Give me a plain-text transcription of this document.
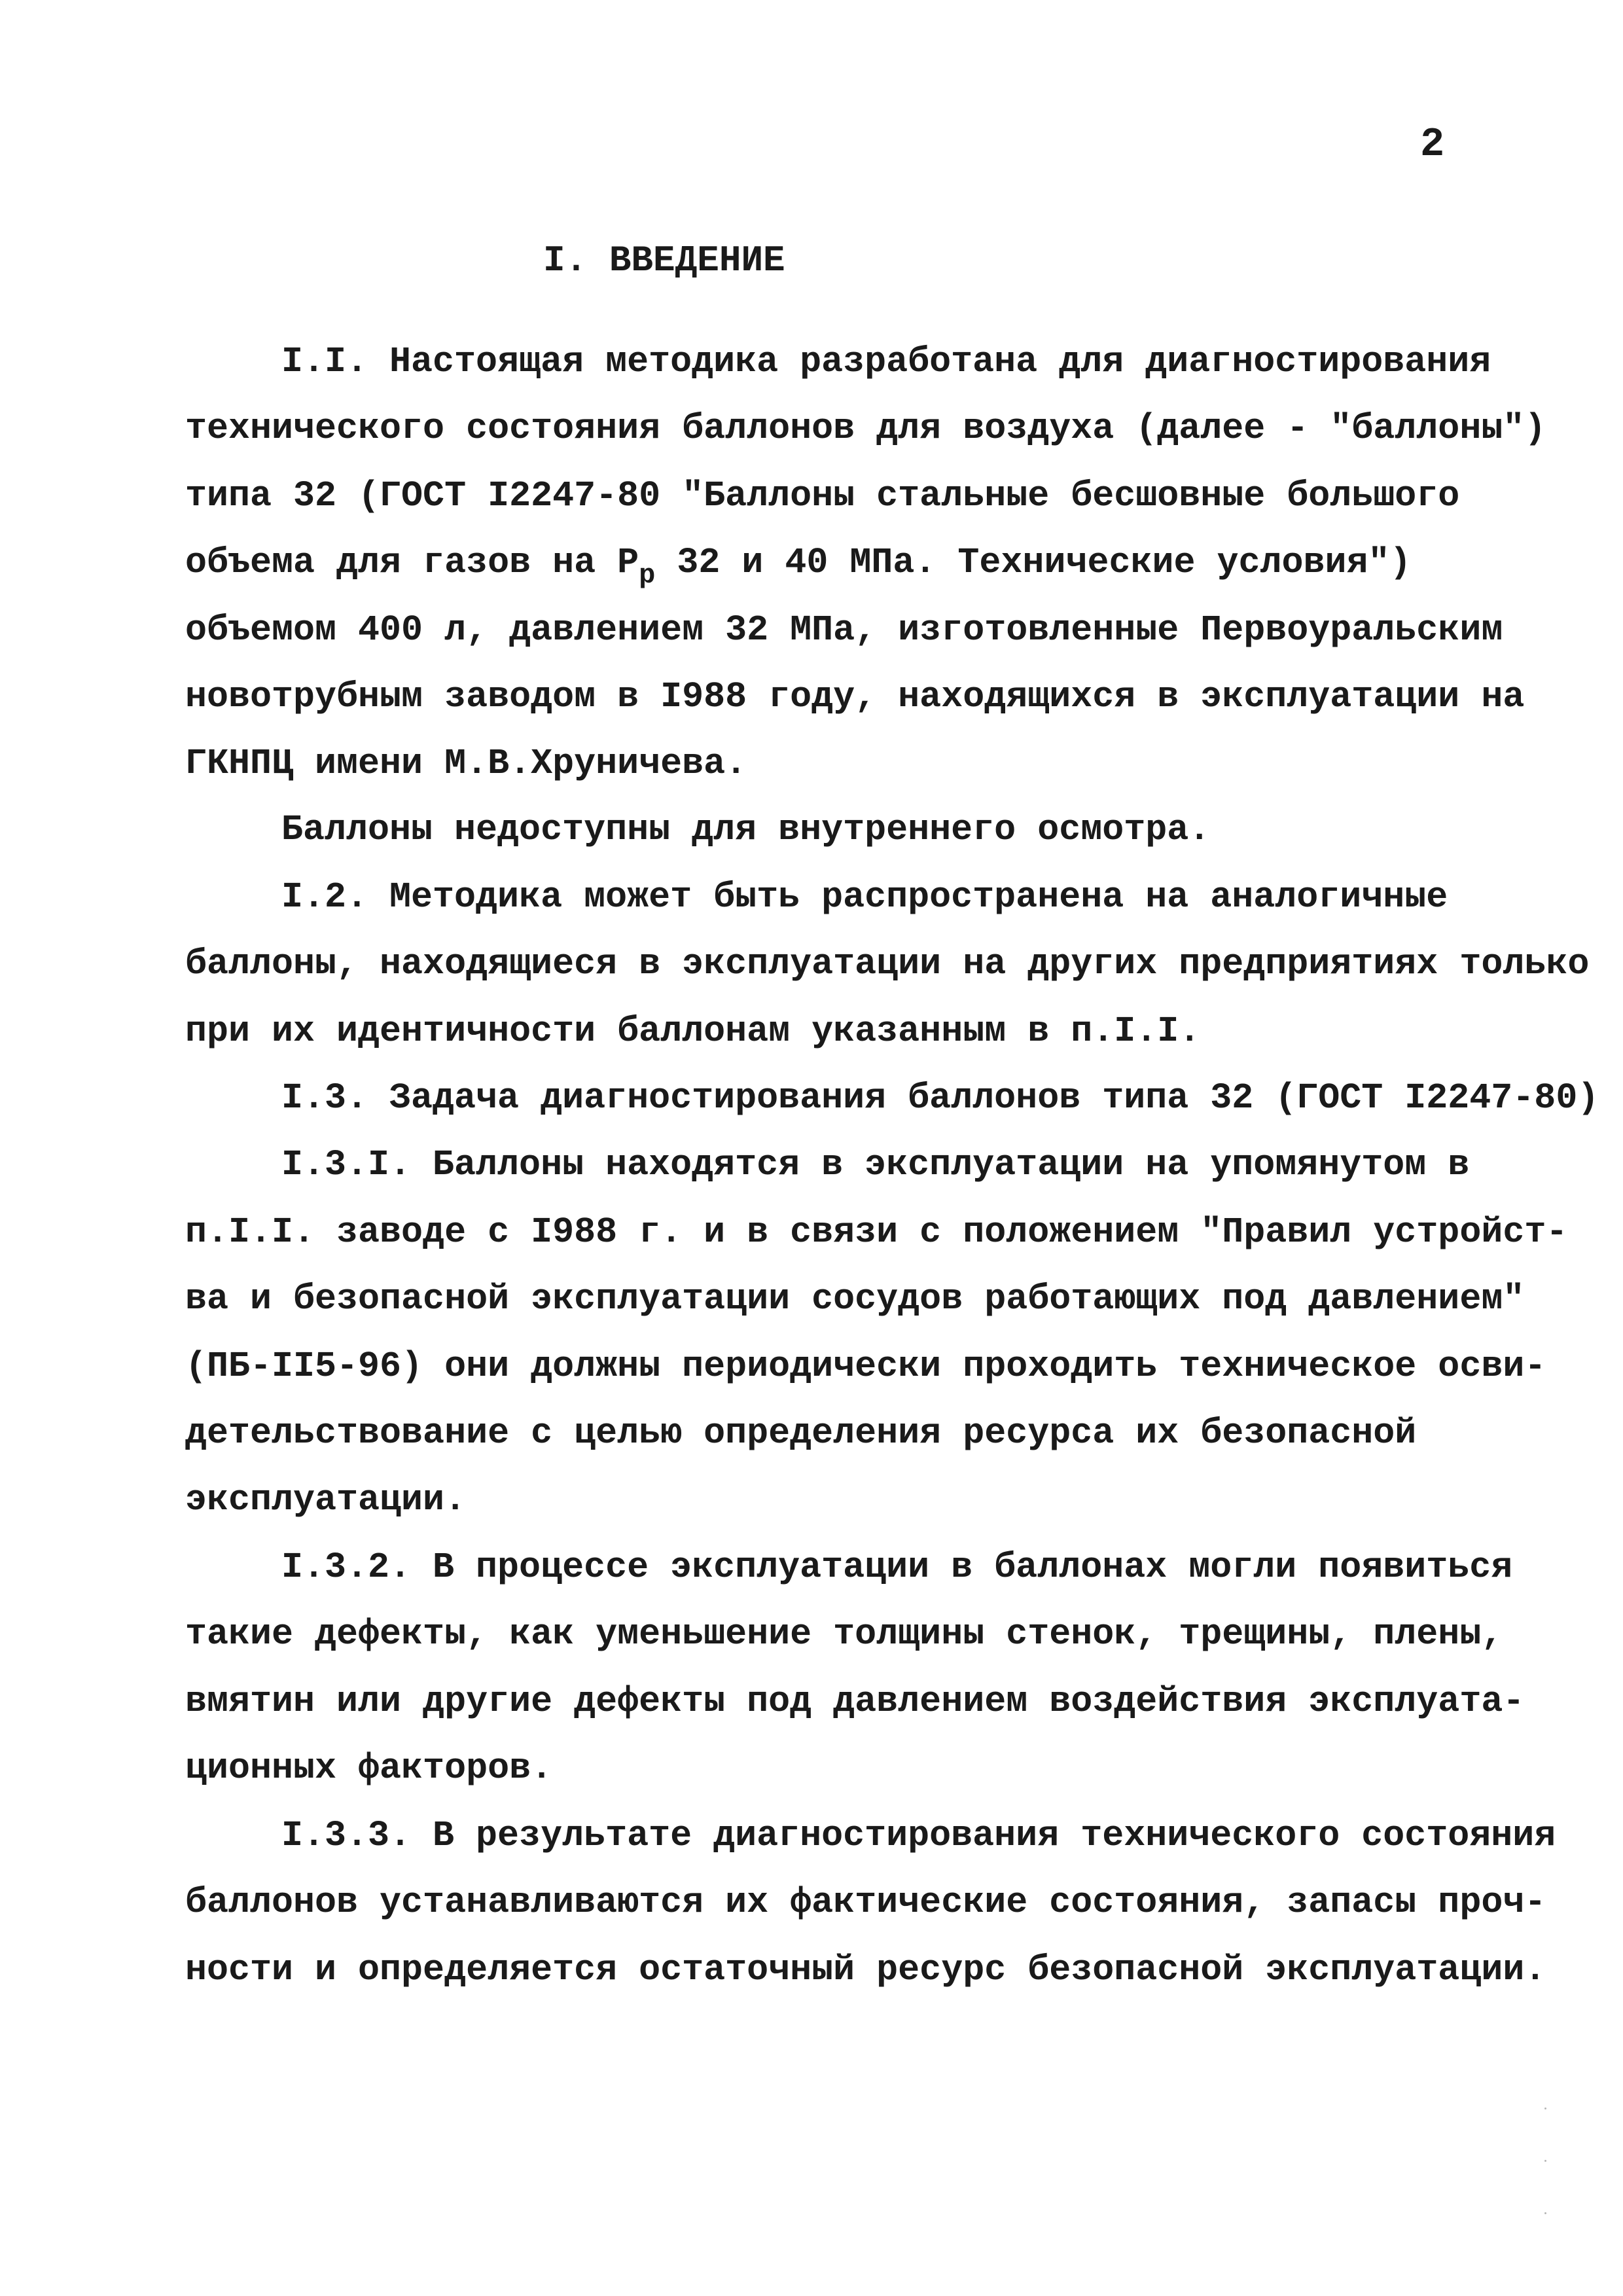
2
I. ВВЕДЕНИЕ
I.I. Настоящая методика разработана для диагностирования
технического состояния баллонов для воздуха (далее - "баллоны")
типа 32 (ГОСТ I2247-80 "Баллоны стальные бесшовные большого
объема для газов на $P_р$ 32 и 40 МПа. Технические условия")
объемом 400 л, давлением 32 МПа, изготовленные Первоуральским
новотрубным заводом в I988 году, находящихся в эксплуатации на
ГКНПЦ имени М.В.Хруничева.
Баллоны недоступны для внутреннего осмотра.
I.2. Методика может быть распространена на аналогичные
баллоны, находящиеся в эксплуатации на других предприятиях только
при их идентичности баллонам указанным в п.I.I.
I.3. Задача диагностирования баллонов типа 32 (ГОСТ I2247-80)
I.3.I. Баллоны находятся в эксплуатации на упомянутом в
п.I.I. заводе с I988 г. и в связи с положением "Правил устройст-
ва и безопасной эксплуатации сосудов работающих под давлением"
(ПБ-II5-96) они должны периодически проходить техническое осви-
детельствование с целью определения ресурса их безопасной
эксплуатации.
I.3.2. В процессе эксплуатации в баллонах могли появиться
такие дефекты, как уменьшение толщины стенок, трещины, плены,
вмятин или другие дефекты под давлением воздействия эксплуата-
ционных факторов.
I.3.3. В результате диагностирования технического состояния
баллонов устанавливаются их фактические состояния, запасы проч-
ности и определяется остаточный ресурс безопасной эксплуатации.
